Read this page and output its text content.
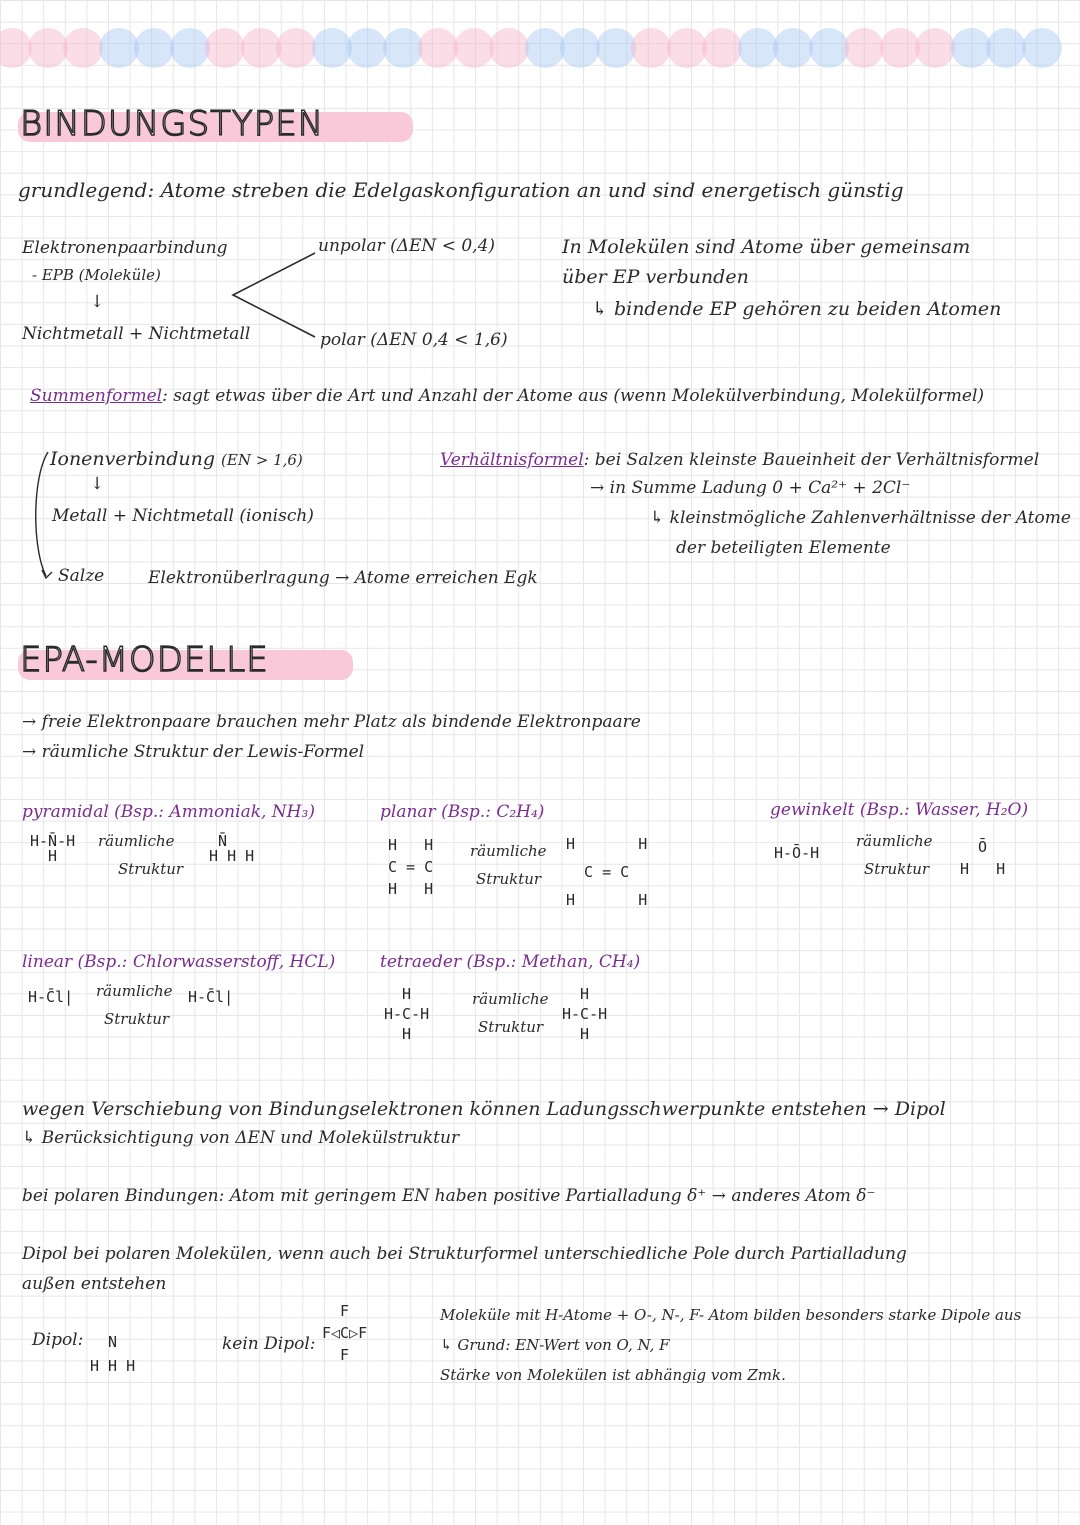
BINDUNGSTYPEN
grundlegend: Atome streben die Edelgaskonfiguration an und sind energetisch günstig
Elektronenpaarbindung
- EPB (Moleküle)
↓
Nichtmetall + Nichtmetall
unpolar (ΔEN < 0,4)
polar (ΔEN 0,4 < 1,6)
In Molekülen sind Atome über gemeinsam
über EP verbunden
↳ bindende EP gehören zu beiden Atomen
Summenformel: sagt etwas über die Art und Anzahl der Atome aus (wenn Molekülverbindung, Molekülformel)
Ionenverbindung (EN > 1,6)
↓
Metall + Nichtmetall (ionisch)
Salze	Elektronüberlragung → Atome erreichen Egk
Verhältnisformel: bei Salzen kleinste Baueinheit der Verhältnisformel
→ in Summe Ladung 0 + Ca²⁺ + 2Cl⁻
↳ kleinstmögliche Zahlenverhältnisse der Atome
der beteiligten Elemente
EPA-MODELLE
→ freie Elektronpaare brauchen mehr Platz als bindende Elektronpaare
→ räumliche Struktur der Lewis-Formel
pyramidal (Bsp.: Ammoniak, NH₃)
H-N̄-H
H
räumliche
Struktur
N̄
H H H
planar (Bsp.: C₂H₄)
H   H
C = C
H   H
räumliche
Struktur
H       H
C = C
H       H
gewinkelt (Bsp.: Wasser, H₂O)
H-Ō-H
räumliche
Struktur
Ō
H   H
linear (Bsp.: Chlorwasserstoff, HCL)
H-C̄l| räumliche
Struktur
H-C̄l|
tetraeder (Bsp.: Methan, CH₄)
H
H-C-H
H
räumliche
Struktur
H
H-C-H
H
wegen Verschiebung von Bindungselektronen können Ladungsschwerpunkte entstehen → Dipol
↳ Berücksichtigung von ΔEN und Molekülstruktur
bei polaren Bindungen: Atom mit geringem EN haben positive Partialladung δ⁺ → anderes Atom δ⁻
Dipol bei polaren Molekülen, wenn auch bei Strukturformel unterschiedliche Pole durch Partialladung
außen entstehen
Dipol:	N
H H H
kein Dipol:
F
F◁C▷F
F
Moleküle mit H-Atome + O-, N-, F- Atom bilden besonders starke Dipole aus
↳ Grund: EN-Wert von O, N, F
Stärke von Molekülen ist abhängig vom Zmk.
